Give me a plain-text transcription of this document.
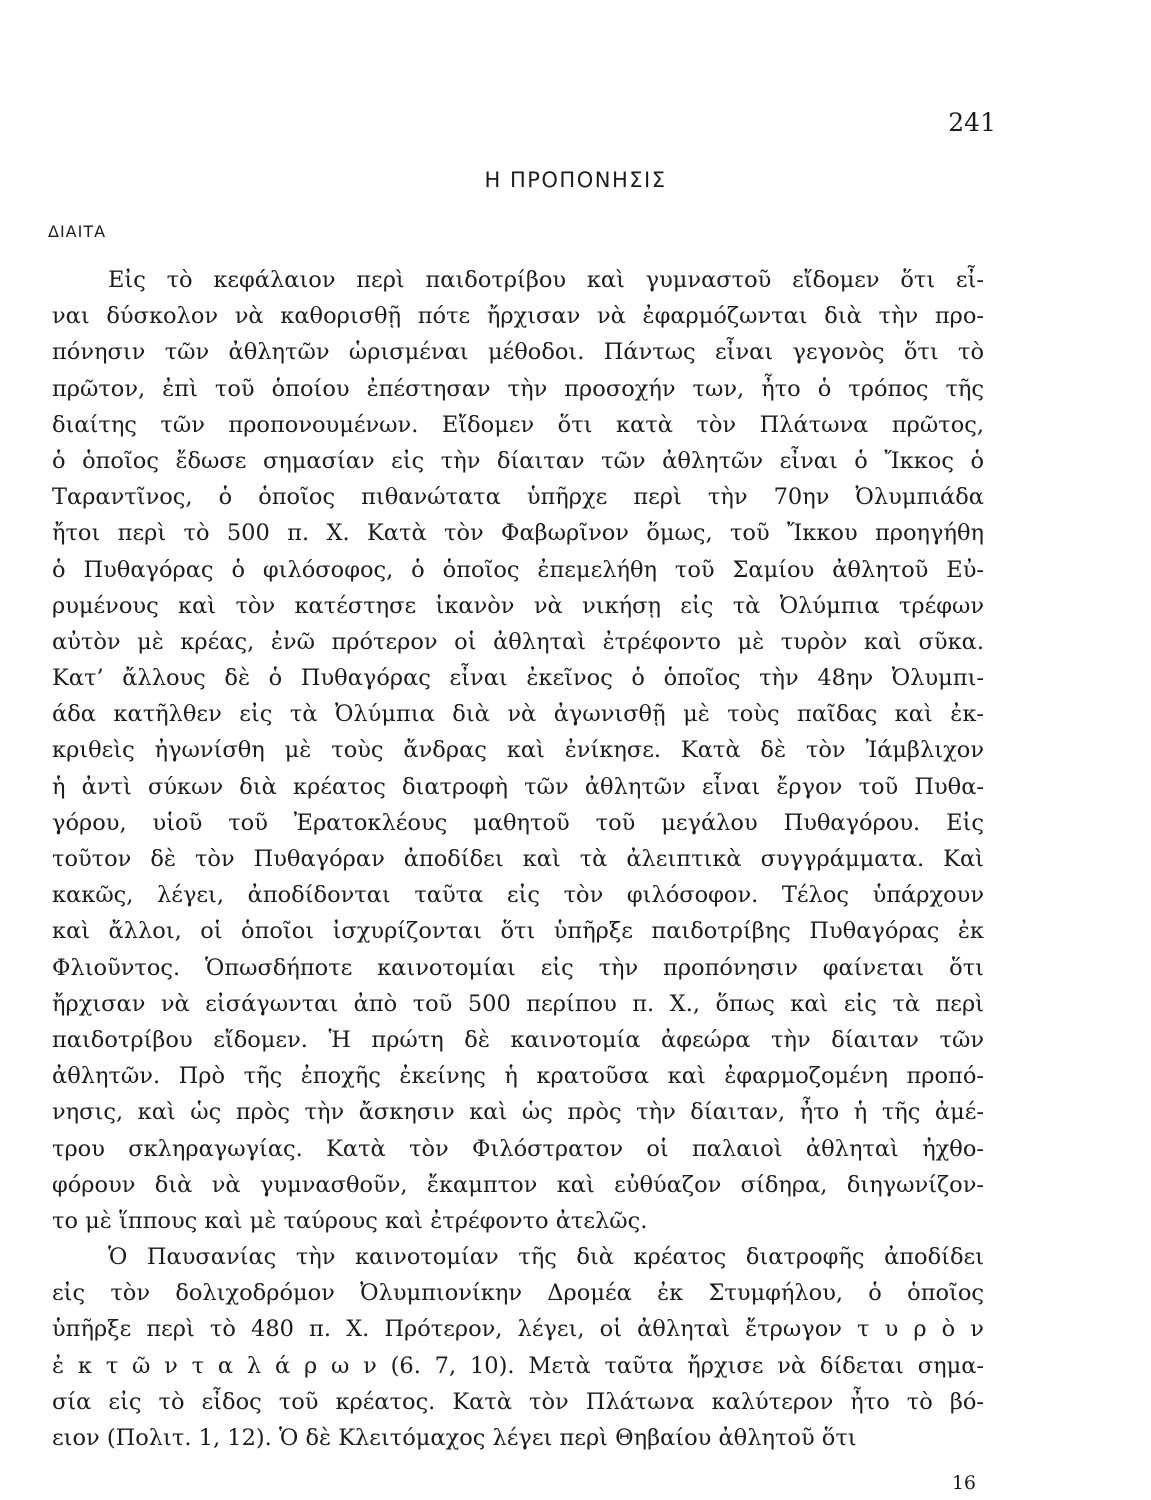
241
Η ΠΡΟΠΟΝΗΣΙΣ
ΔΙΑΙΤΑ
Εἰς τὸ κεφάλαιον περὶ παιδοτρίβου καὶ γυμναστοῦ εἴδομεν ὅτι εἶ-
ναι δύσκολον νὰ καθορισθῇ πότε ἤρχισαν νὰ ἐφαρμόζωνται διὰ τὴν προ-
πόνησιν τῶν ἀθλητῶν ὡρισμέναι μέθοδοι. Πάντως εἶναι γεγονὸς ὅτι τὸ
πρῶτον, ἐπὶ τοῦ ὁποίου ἐπέστησαν τὴν προσοχήν των, ἦτο ὁ τρόπος τῆς
διαίτης τῶν προπονουμένων. Εἴδομεν ὅτι κατὰ τὸν Πλάτωνα πρῶτος,
ὁ ὁποῖος ἔδωσε σημασίαν εἰς τὴν δίαιταν τῶν ἀθλητῶν εἶναι ὁ Ἴκκος ὁ
Ταραντῖνος, ὁ ὁποῖος πιθανώτατα ὑπῆρχε περὶ τὴν 70ην Ὀλυμπιάδα
ἤτοι περὶ τὸ 500 π. Χ. Κατὰ τὸν Φαβωρῖνον ὅμως, τοῦ Ἴκκου προηγήθη
ὁ Πυθαγόρας ὁ φιλόσοφος, ὁ ὁποῖος ἐπεμελήθη τοῦ Σαμίου ἀθλητοῦ Εὐ-
ρυμένους καὶ τὸν κατέστησε ἱκανὸν νὰ νικήσῃ εἰς τὰ Ὀλύμπια τρέφων
αὐτὸν μὲ κρέας, ἐνῶ πρότερον οἱ ἀθληταὶ ἐτρέφοντο μὲ τυρὸν καὶ σῦκα.
Κατ’ ἄλλους δὲ ὁ Πυθαγόρας εἶναι ἐκεῖνος ὁ ὁποῖος τὴν 48ην Ὀλυμπι-
άδα κατῆλθεν εἰς τὰ Ὀλύμπια διὰ νὰ ἀγωνισθῇ μὲ τοὺς παῖδας καὶ ἐκ-
κριθεὶς ἠγωνίσθη μὲ τοὺς ἄνδρας καὶ ἐνίκησε. Κατὰ δὲ τὸν Ἰάμβλιχον
ἡ ἀντὶ σύκων διὰ κρέατος διατροφὴ τῶν ἀθλητῶν εἶναι ἔργον τοῦ Πυθα-
γόρου, υἱοῦ τοῦ Ἐρατοκλέους μαθητοῦ τοῦ μεγάλου Πυθαγόρου. Εἰς
τοῦτον δὲ τὸν Πυθαγόραν ἀποδίδει καὶ τὰ ἀλειπτικὰ συγγράμματα. Καὶ
κακῶς, λέγει, ἀποδίδονται ταῦτα εἰς τὸν φιλόσοφον. Τέλος ὑπάρχουν
καὶ ἄλλοι, οἱ ὁποῖοι ἰσχυρίζονται ὅτι ὑπῆρξε παιδοτρίβης Πυθαγόρας ἐκ
Φλιοῦντος. Ὁπωσδήποτε καινοτομίαι εἰς τὴν προπόνησιν φαίνεται ὅτι
ἤρχισαν νὰ εἰσάγωνται ἀπὸ τοῦ 500 περίπου π. Χ., ὅπως καὶ εἰς τὰ περὶ
παιδοτρίβου εἴδομεν. Ἡ πρώτη δὲ καινοτομία ἀφεώρα τὴν δίαιταν τῶν
ἀθλητῶν. Πρὸ τῆς ἐποχῆς ἐκείνης ἡ κρατοῦσα καὶ ἐφαρμοζομένη προπό-
νησις, καὶ ὡς πρὸς τὴν ἄσκησιν καὶ ὡς πρὸς τὴν δίαιταν, ἦτο ἡ τῆς ἀμέ-
τρου σκληραγωγίας. Κατὰ τὸν Φιλόστρατον οἱ παλαιοὶ ἀθληταὶ ἠχθο-
φόρουν διὰ νὰ γυμνασθοῦν, ἔκαμπτον καὶ εὐθύαζον σίδηρα, διηγωνίζον-
το μὲ ἵππους καὶ μὲ ταύρους καὶ ἐτρέφοντο ἀτελῶς.
Ὁ Παυσανίας τὴν καινοτομίαν τῆς διὰ κρέατος διατροφῆς ἀποδίδει
εἰς τὸν δολιχοδρόμον Ὀλυμπιονίκην Δρομέα ἐκ Στυμφήλου, ὁ ὁποῖος
ὑπῆρξε περὶ τὸ 480 π. Χ. Πρότερον, λέγει, οἱ ἀθληταὶ ἔτρωγον τ υ ρ ὸ ν
ἐ κ τ ῶ ν τ α λ ά ρ ω ν (6. 7, 10). Μετὰ ταῦτα ἤρχισε νὰ δίδεται σημα-
σία εἰς τὸ εἶδος τοῦ κρέατος. Κατὰ τὸν Πλάτωνα καλύτερον ἦτο τὸ βό-
ειον (Πολιτ. 1, 12). Ὁ δὲ Κλειτόμαχος λέγει περὶ Θηβαίου ἀθλητοῦ ὅτι
16
